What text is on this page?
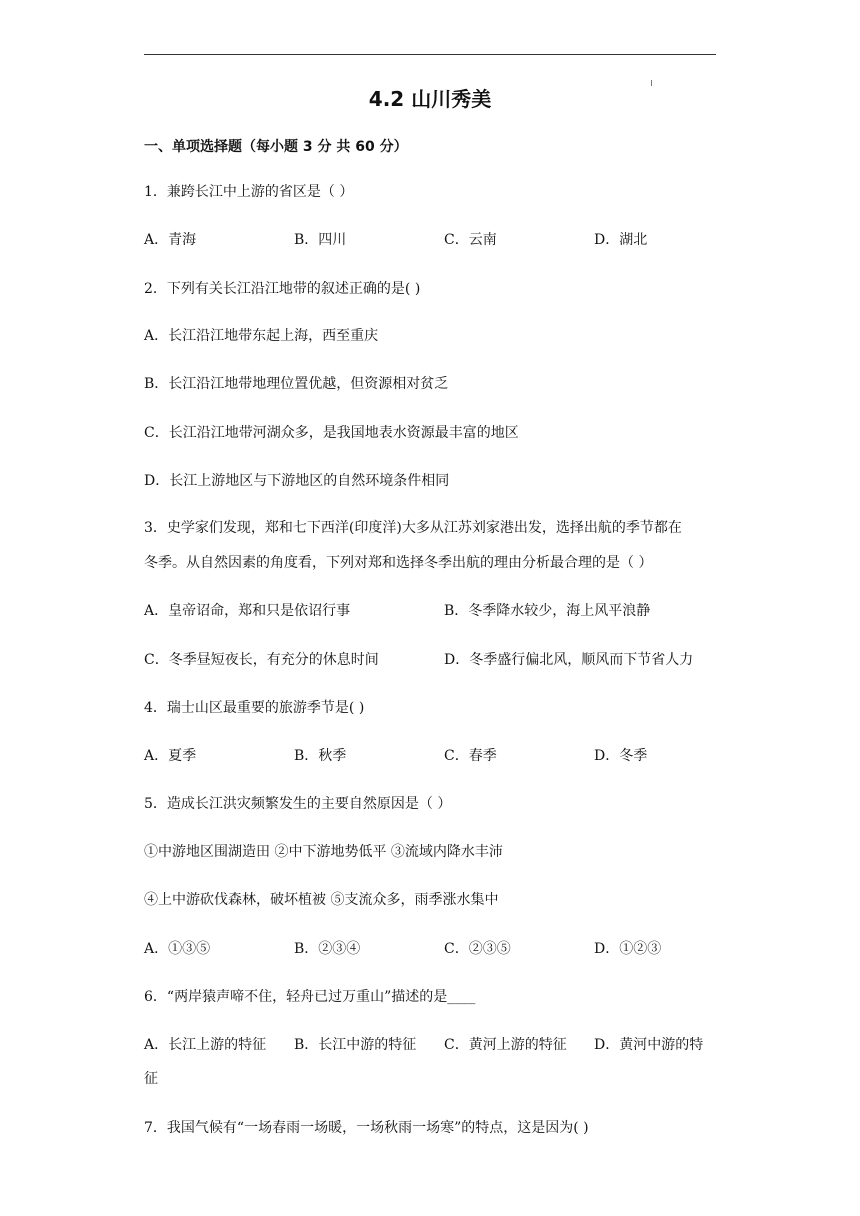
4.2 山川秀美
一、单项选择题（每小题 3 分 共 60 分）
1．兼跨长江中上游的省区是（ ）
A．青海	B．四川	C．云南	D．湖北
2．下列有关长江沿江地带的叙述正确的是( )
A．长江沿江地带东起上海，西至重庆
B．长江沿江地带地理位置优越，但资源相对贫乏
C．长江沿江地带河湖众多，是我国地表水资源最丰富的地区
D．长江上游地区与下游地区的自然环境条件相同
3．史学家们发现，郑和七下西洋(印度洋)大多从江苏刘家港出发，选择出航的季节都在
冬季。从自然因素的角度看，下列对郑和选择冬季出航的理由分析最合理的是（ ）
A．皇帝诏命，郑和只是依诏行事	B．冬季降水较少，海上风平浪静
C．冬季昼短夜长，有充分的休息时间	D．冬季盛行偏北风，顺风而下节省人力
4．瑞士山区最重要的旅游季节是( )
A．夏季	B．秋季	C．春季	D．冬季
5．造成长江洪灾频繁发生的主要自然原因是（ ）
①中游地区围湖造田 ②中下游地势低平 ③流域内降水丰沛
④上中游砍伐森林，破坏植被 ⑤支流众多，雨季涨水集中
A．①③⑤	B．②③④	C．②③⑤	D．①②③
6．“两岸猿声啼不住，轻舟已过万重山”描述的是____
A．长江上游的特征 B．长江中游的特征 C．黄河上游的特征 D．黄河中游的特
征
7．我国气候有“一场春雨一场暖，一场秋雨一场寒”的特点，这是因为( )
